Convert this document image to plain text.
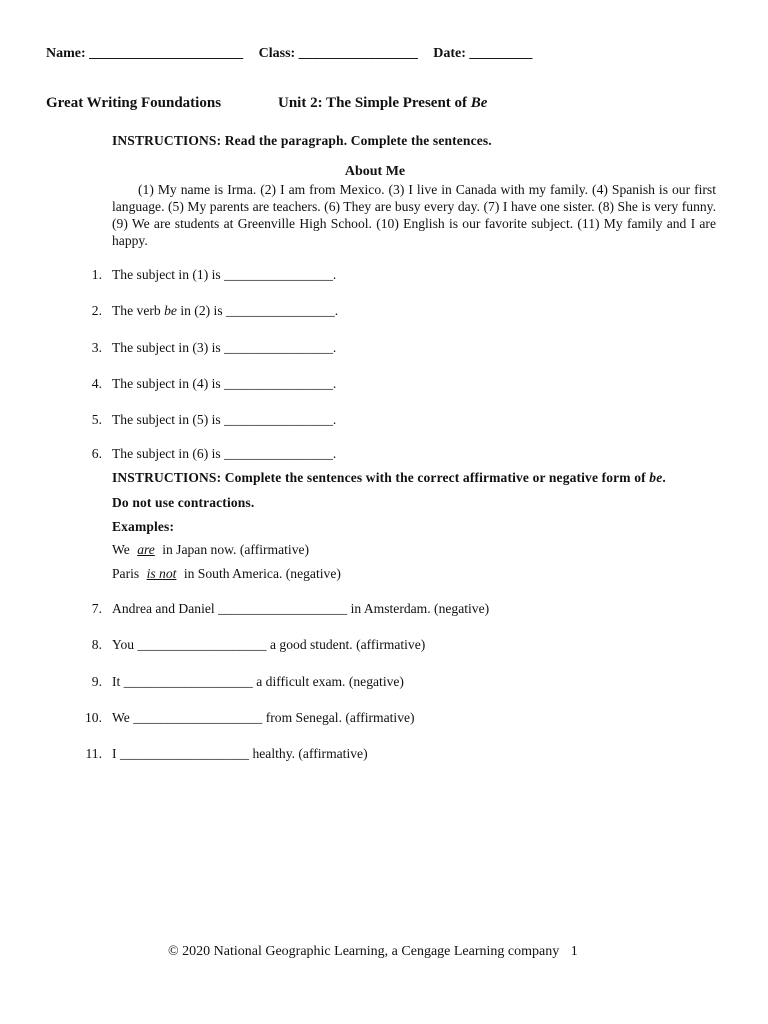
Name: ______________________ Class: _________________ Date: _________
Great Writing Foundations	Unit 2: The Simple Present of Be
INSTRUCTIONS: Read the paragraph. Complete the sentences.
About Me
(1) My name is Irma. (2) I am from Mexico. (3) I live in Canada with my family. (4) Spanish is our first language. (5) My parents are teachers. (6) They are busy every day. (7) I have one sister. (8) She is very funny. (9) We are students at Greenville High School. (10) English is our favorite subject. (11) My family and I are happy.
1. The subject in (1) is ________________.
2. The verb be in (2) is ________________.
3. The subject in (3) is ________________.
4. The subject in (4) is ________________.
5. The subject in (5) is ________________.
6. The subject in (6) is ________________.
INSTRUCTIONS: Complete the sentences with the correct affirmative or negative form of be.
Do not use contractions.
Examples:
We are in Japan now. (affirmative)
Paris is not in South America. (negative)
7. Andrea and Daniel ___________________ in Amsterdam. (negative)
8. You ___________________ a good student. (affirmative)
9. It ___________________ a difficult exam. (negative)
10. We ___________________ from Senegal. (affirmative)
11. I ___________________ healthy. (affirmative)
© 2020 National Geographic Learning, a Cengage Learning company 1
